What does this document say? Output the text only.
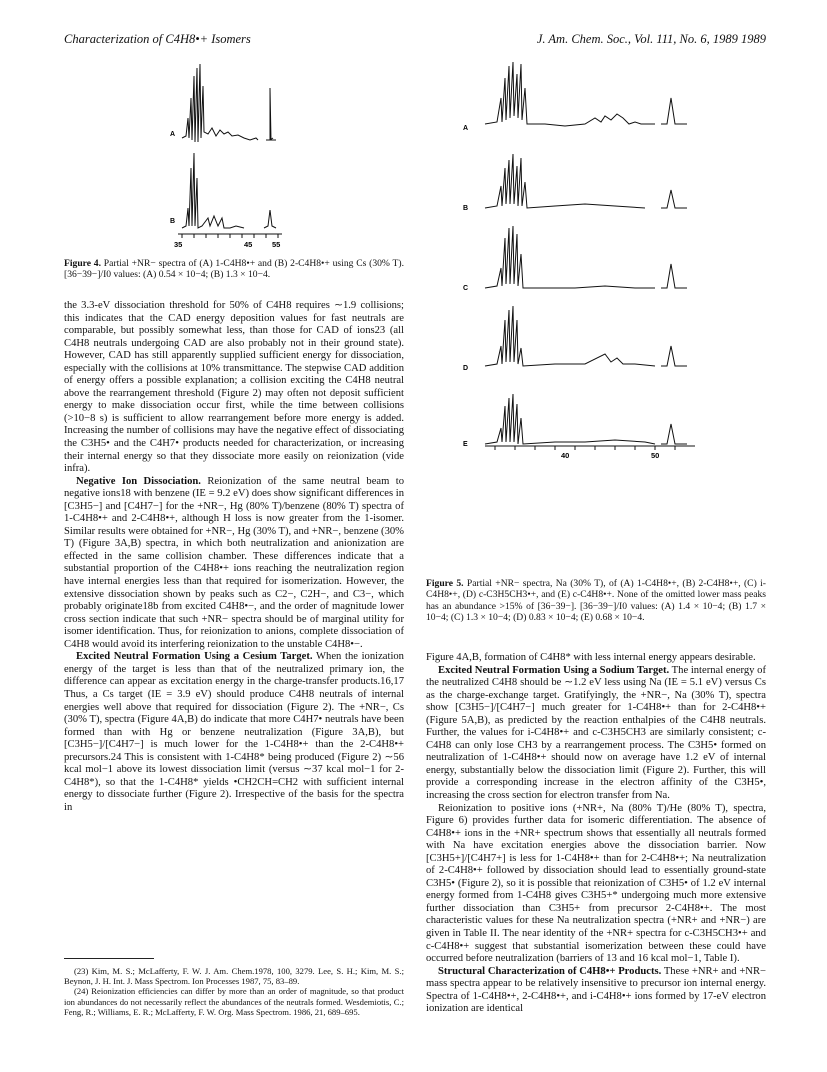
Characterization of C4H8•+ Isomers	J. Am. Chem. Soc., Vol. 111, No. 6, 1989 1989
A
B
35	45	55
Figure 4. Partial +NR− spectra of (A) 1-C4H8•+ and (B) 2-C4H8•+ using Cs (30% T). [36−39−]/I0 values: (A) 0.54 × 10−4; (B) 1.3 × 10−4.
A
B
C
D
E
40	50
Figure 5. Partial +NR− spectra, Na (30% T), of (A) 1-C4H8•+, (B) 2-C4H8•+, (C) i-C4H8•+, (D) c-C3H5CH3•+, and (E) c-C4H8•+. None of the omitted lower mass peaks has an abundance >15% of [36−39−]. [36−39−]/I0 values: (A) 1.4 × 10−4; (B) 1.7 × 10−4; (C) 1.3 × 10−4; (D) 0.83 × 10−4; (E) 0.68 × 10−4.

the 3.3-eV dissociation threshold for 50% of C4H8 requires ∼1.9 collisions; this indicates that the CAD energy deposition values for fast neutrals are comparable, but possibly somewhat less, than those for CAD of ions23 (all C4H8 neutrals undergoing CAD are also probably not in their ground state). However, CAD has still apparently supplied sufficient energy for dissociation, especially with the collisions at 10% transmittance. The stepwise CAD addition of energy offers a possible explanation; a collision exciting the C4H8 neutral above the rearrangement threshold (Figure 2) may often not deposit sufficient energy to make dissociation occur first, while the time between collisions (>10−8 s) is sufficient to allow rearrangement before more energy is added. Increasing the number of collisions may have the negative effect of dissociating the C3H5• and the C4H7• products needed for characterization, or increasing their internal energy so that they dissociate more easily on reionization (vide infra).

Negative Ion Dissociation. Reionization of the same neutral beam to negative ions18 with benzene (IE = 9.2 eV) does show significant differences in [C3H5−] and [C4H7−] for the +NR−, Hg (80% T)/benzene (80% T) spectra of 1-C4H8•+ and 2-C4H8•+, although H loss is now greater from the 1-isomer. Similar results were obtained for +NR−, Hg (30% T), and +NR−, benzene (30% T) (Figure 3A,B) spectra, in which both neutralization and anionization are effected in the same collision chamber. These differences indicate that a substantial proportion of the C4H8•+ ions reaching the neutralization region have internal energies less than that required for isomerization. However, the extensive dissociation shown by peaks such as C2−, C2H−, and C3−, which probably originate18b from excited C4H8•−, and the order of magnitude lower cross section indicate that such +NR− spectra should be of marginal utility for isomer identification. Thus, for reionization to anions, complete dissociation of C4H8 would avoid its interfering reionization to the unstable C4H8•−.

Excited Neutral Formation Using a Cesium Target. When the ionization energy of the target is less than that of the neutralized primary ion, the difference can appear as excitation energy in the charge-transfer products.16,17 Thus, a Cs target (IE = 3.9 eV) should produce C4H8 neutrals of internal energies well above that required for dissociation (Figure 2). The +NR−, Cs (30% T), spectra (Figure 4A,B) do indicate that more C4H7• neutrals have been formed than with Hg or benzene neutralization (Figure 3A,B), but [C3H5−]/[C4H7−] is much lower for the 1-C4H8•+ than the 2-C4H8•+ precursors.24 This is consistent with 1-C4H8* being produced (Figure 2) ∼56 kcal mol−1 above its lowest dissociation limit (versus ∼37 kcal mol−1 for 2-C4H8*), so that the 1-C4H8* yields •CH2CH=CH2 with sufficient internal energy to dissociate further (Figure 2). Irrespective of the basis for the spectra in

(23) Kim, M. S.; McLafferty, F. W. J. Am. Chem.1978, 100, 3279. Lee, S. H.; Kim, M. S.; Beynon, J. H. Int. J. Mass Spectrom. Ion Processes 1987, 75, 83–89.

(24) Reionization efficiencies can differ by more than an order of magnitude, so that product ion abundances do not necessarily reflect the abundances of the neutrals formed. Wesdemiotis, C.; Feng, R.; Williams, E. R.; McLafferty, F. W. Org. Mass Spectrom. 1986, 21, 689–695.

Figure 4A,B, formation of C4H8* with less internal energy appears desirable.

Excited Neutral Formation Using a Sodium Target. The internal energy of the neutralized C4H8 should be ∼1.2 eV less using Na (IE = 5.1 eV) versus Cs as the charge-exchange target. Gratifyingly, the +NR−, Na (30% T), spectra show [C3H5−]/[C4H7−] much greater for 1-C4H8•+ than for 2-C4H8•+ (Figure 5A,B), as predicted by the reaction enthalpies of the C4H8 neutrals. Further, the values for i-C4H8•+ and c-C3H5CH3 are similarly consistent; c-C4H8 can only lose CH3 by a rearrangement process. The C3H5• formed on neutralization of 1-C4H8•+ should now on average have 1.2 eV of internal energy, substantially below the dissociation limit (Figure 2). Further, this will provide a corresponding increase in the electron affinity of the C3H5•, increasing the cross section for electron transfer from Na.

Reionization to positive ions (+NR+, Na (80% T)/He (80% T), spectra, Figure 6) provides further data for isomeric differentiation. The absence of C4H8•+ ions in the +NR+ spectrum shows that essentially all neutrals formed with Na have excitation energies above the dissociation barrier. Now [C3H5+]/[C4H7+] is less for 1-C4H8•+ than for 2-C4H8•+; Na neutralization of 2-C4H8•+ followed by dissociation should lead to essentially ground-state C3H5• (Figure 2), so it is possible that reionization of C3H5• of 1.2 eV internal energy formed from 1-C4H8 gives C3H5+* undergoing much more extensive further dissociation than C3H5+ from precursor 2-C4H8•+. The most characteristic values for these Na neutralization spectra (+NR+ and +NR−) are given in Table II. The near identity of the +NR+ spectra for c-C3H5CH3•+ and c-C4H8•+ suggest that substantial isomerization between these could have occurred before neutralization (barriers of 13 and 16 kcal mol−1, Table I).

Structural Characterization of C4H8•+ Products. These +NR+ and +NR− mass spectra appear to be relatively insensitive to precursor ion internal energy. Spectra of 1-C4H8•+, 2-C4H8•+, and i-C4H8•+ ions formed by 17-eV electron ionization are identical
